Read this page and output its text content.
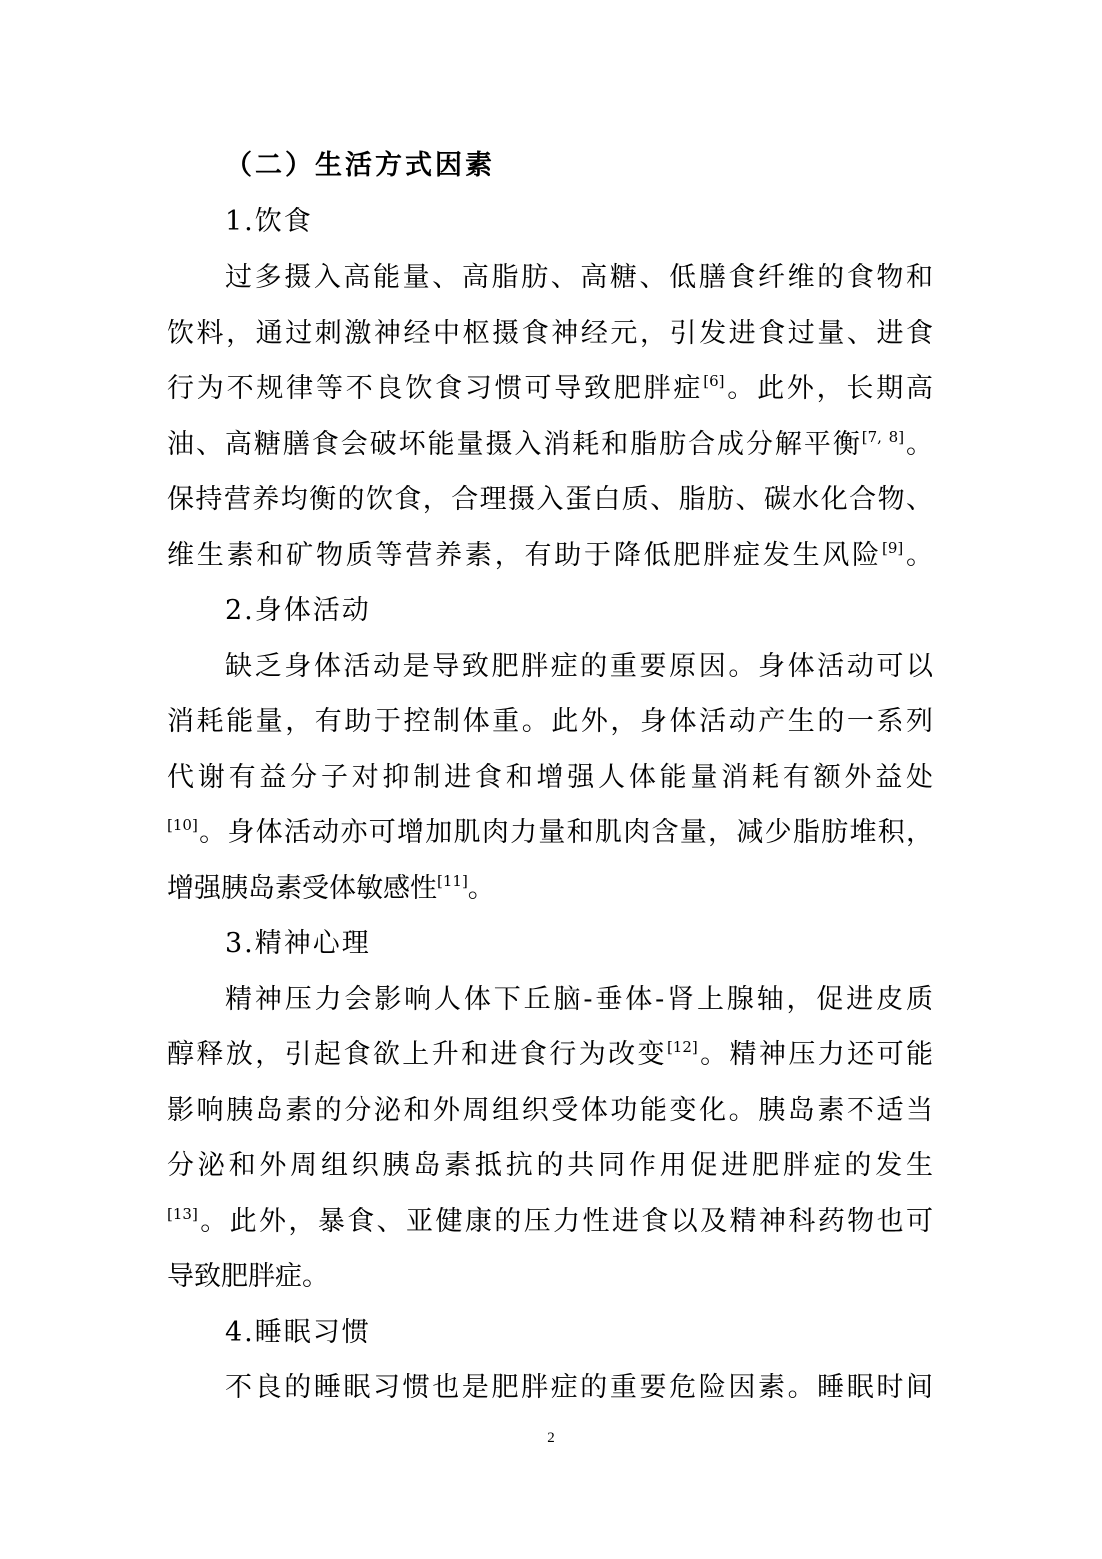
（二）生活方式因素
1.饮食
过多摄入高能量、高脂肪、高糖、低膳食纤维的食物和
饮料，通过刺激神经中枢摄食神经元，引发进食过量、进食
行为不规律等不良饮食习惯可导致肥胖症[6]。此外，长期高
油、高糖膳食会破坏能量摄入消耗和脂肪合成分解平衡[7, 8]。
保持营养均衡的饮食，合理摄入蛋白质、脂肪、碳水化合物、
维生素和矿物质等营养素，有助于降低肥胖症发生风险[9]。
2.身体活动
缺乏身体活动是导致肥胖症的重要原因。身体活动可以
消耗能量，有助于控制体重。此外，身体活动产生的一系列
代谢有益分子对抑制进食和增强人体能量消耗有额外益处
[10]。身体活动亦可增加肌肉力量和肌肉含量，减少脂肪堆积，
增强胰岛素受体敏感性[11]。
3.精神心理
精神压力会影响人体下丘脑-垂体-肾上腺轴，促进皮质
醇释放，引起食欲上升和进食行为改变[12]。精神压力还可能
影响胰岛素的分泌和外周组织受体功能变化。胰岛素不适当
分泌和外周组织胰岛素抵抗的共同作用促进肥胖症的发生
[13]。此外，暴食、亚健康的压力性进食以及精神科药物也可
导致肥胖症。
4.睡眠习惯
不良的睡眠习惯也是肥胖症的重要危险因素。睡眠时间
2
